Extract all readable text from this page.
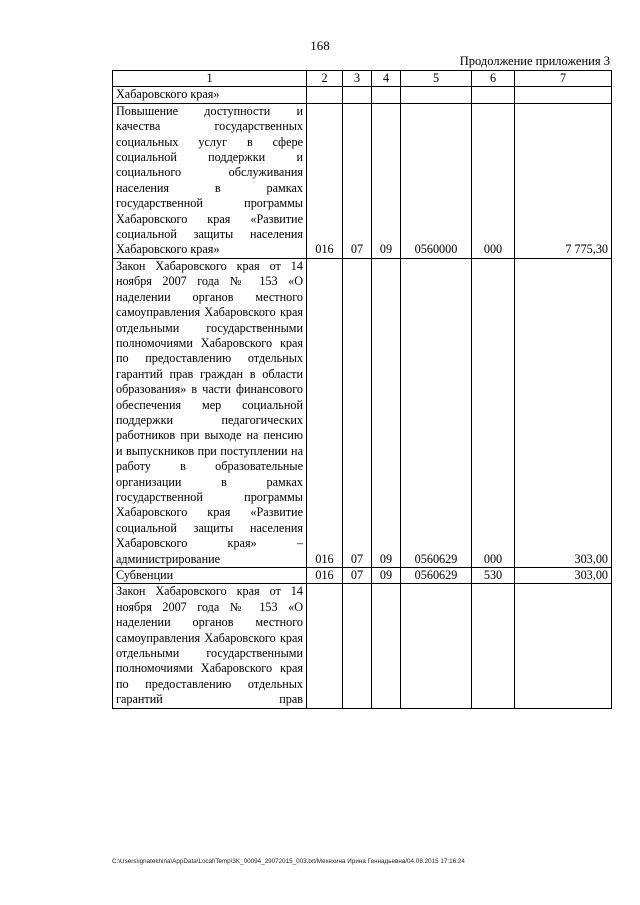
168
Продолжение приложения 3
1	2	3	4	5	6	7
Хабаровского края»						
Повышение доступности и качества государственных социальных услуг в сфере социальной поддержки и социального обслуживания населения в рамках государственной программы Хабаровского края «Развитие социальной защиты населения Хабаровского края»	016	07	09	0560000	000	7 775,30
Закон Хабаровского края от 14 ноября 2007 года № 153 «О наделении органов местного самоуправления Хабаровского края отдельными государственными полномочиями Хабаровского края по предоставлению отдельных гарантий прав граждан в области образования» в части финансового обеспечения мер социальной поддержки педагогических работников при выходе на пенсию и выпускников при поступлении на работу в образовательные организации в рамках государственной программы Хабаровского края «Развитие социальной защиты населения Хабаровского края» – администрирование	016	07	09	0560629	000	303,00
Субвенции	016	07	09	0560629	530	303,00
Закон Хабаровского края от 14 ноября 2007 года № 153 «О наделении органов местного самоуправления Хабаровского края отдельными государственными полномочиями Хабаровского края по предоставлению отдельных гарантий прав						
C:\Users\ignatekhina\AppData\Local\Temp\3K_00094_29072015_003.txt/Мехехина Ирина Геннадьевна/04.08.2015 17:16:24
